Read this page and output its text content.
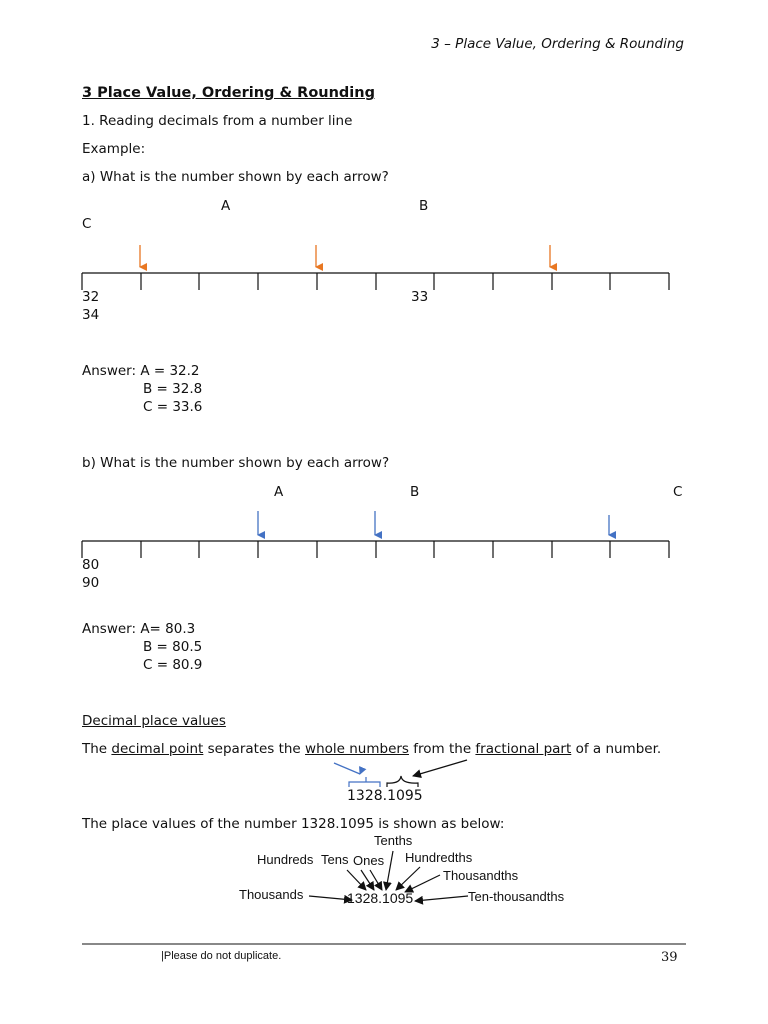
3 – Place Value, Ordering & Rounding
3 Place Value, Ordering & Rounding
1. Reading decimals from a number line
Example:
a) What is the number shown by each arrow?
A	B
C
32	33
34
Answer: A = 32.2
B = 32.8
C = 33.6
b) What is the number shown by each arrow?
A	B	C
80
90
Answer: A= 80.3
B = 80.5
C = 80.9
Decimal place values
The decimal point separates the whole numbers from the fractional part of a number.
1328.1095
The place values of the number 1328.1095 is shown as below:
Tenths
Hundreds Tens Ones Hundredths
Thousandths
Thousands	1328.1095	Ten-thousandths
|Please do not duplicate.	39
